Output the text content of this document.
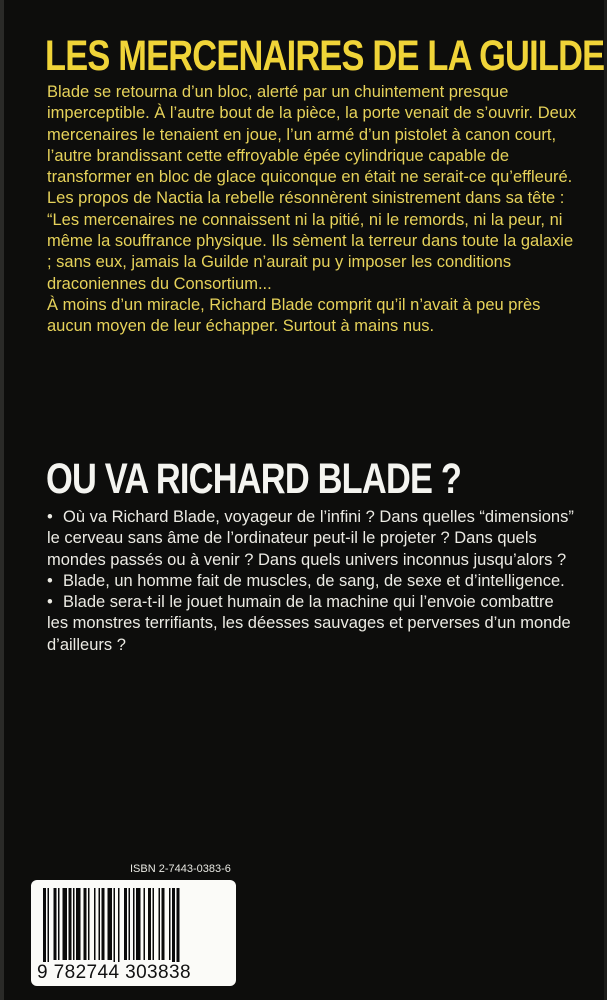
LES MERCENAIRES DE LA GUILDE

Blade se retourna d’un bloc, alerté par un chuintement presque imperceptible. À l’autre bout de la pièce, la porte venait de s’ouvrir. Deux mercenaires le tenaient en joue, l’un armé d’un pistolet à canon court, l’autre brandissant cette effroyable épée cylindrique capable de transformer en bloc de glace quiconque en était ne serait-ce qu’effleuré.

Les propos de Nactia la rebelle résonnèrent sinistrement dans sa tête : “Les mercenaires ne connaissent ni la pitié, ni le remords, ni la peur, ni même la souffrance physique. Ils sèment la terreur dans toute la galaxie ; sans eux, jamais la Guilde n’aurait pu y imposer les conditions draconiennes du Consortium...

À moins d’un miracle, Richard Blade comprit qu’il n’avait à peu près aucun moyen de leur échapper. Surtout à mains nus.

OU VA RICHARD BLADE ?

• Où va Richard Blade, voyageur de l’infini ? Dans quelles “dimensions” le cerveau sans âme de l’ordinateur peut-il le projeter ? Dans quels mondes passés ou à venir ? Dans quels univers inconnus jusqu’alors ?

• Blade, un homme fait de muscles, de sang, de sexe et d’intelligence.

• Blade sera-t-il le jouet humain de la machine qui l’envoie combattre les monstres terrifiants, les déesses sauvages et perverses d’un monde d’ailleurs ?

ISBN 2-7443-0383-6
9 782744 303838
